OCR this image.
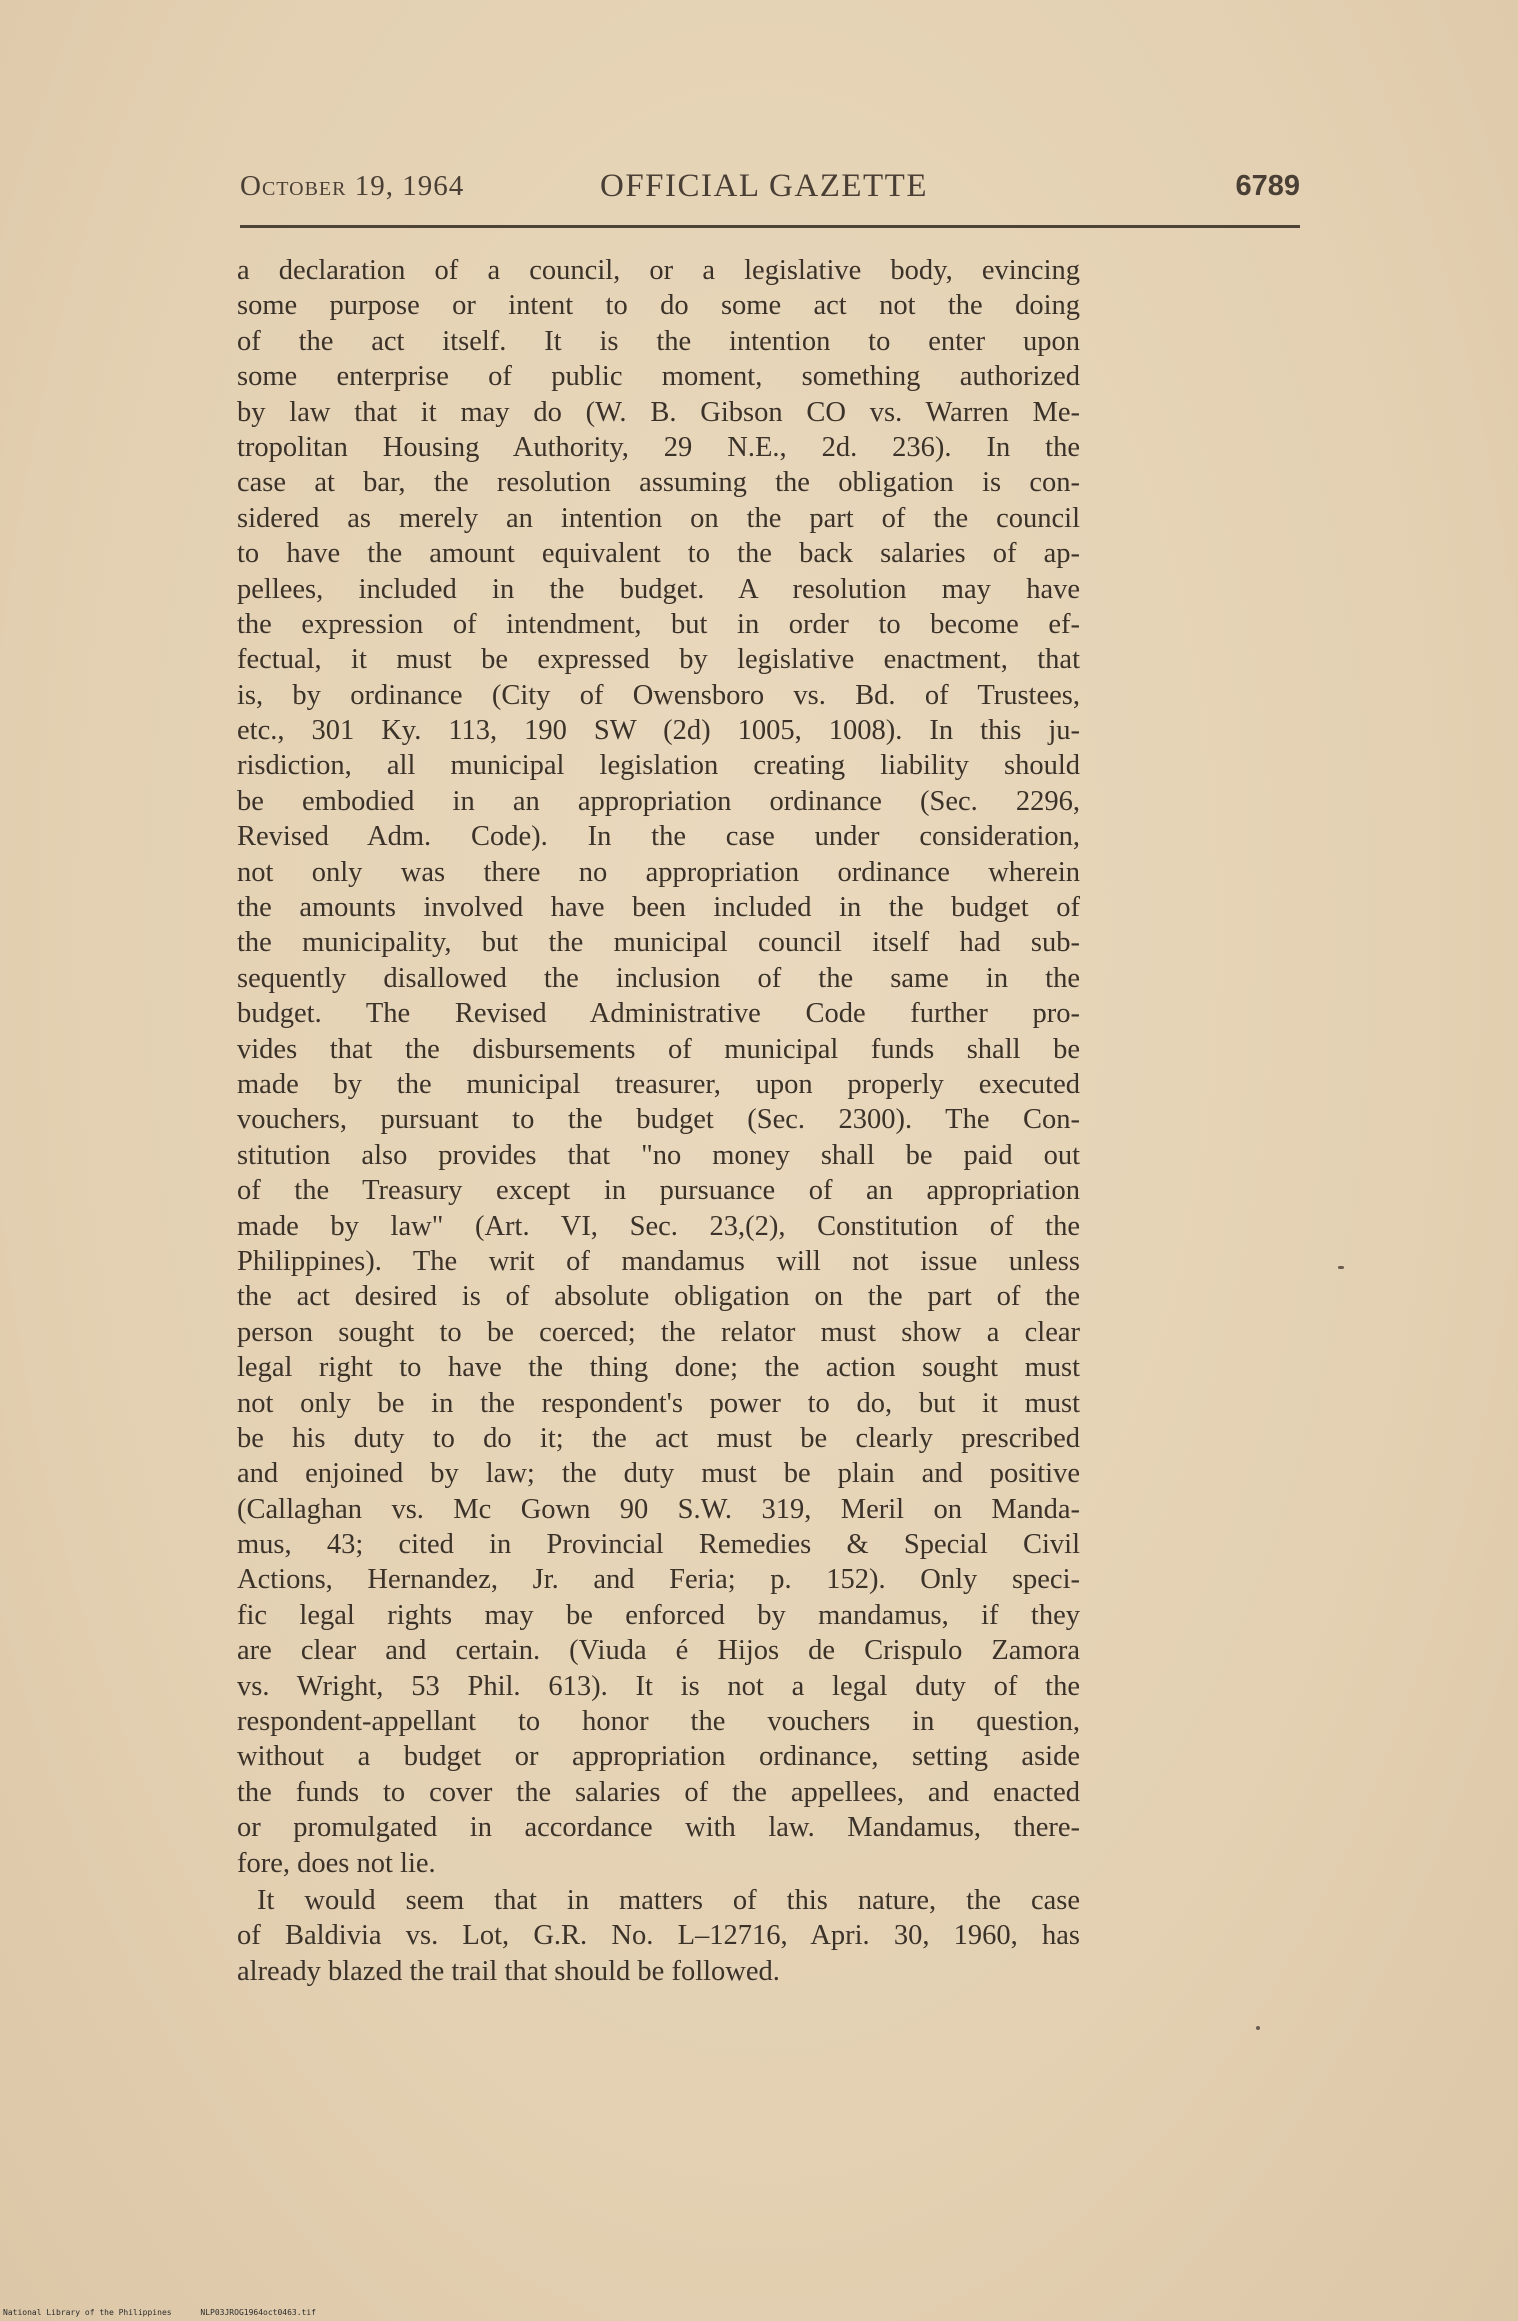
October 19, 1964	OFFICIAL GAZETTE	6789
a declaration of a council, or a legislative body, evincing
some purpose or intent to do some act not the doing
of the act itself. It is the intention to enter upon
some enterprise of public moment, something authorized
by law that it may do (W. B. Gibson CO vs. Warren Me-
tropolitan Housing Authority, 29 N.E., 2d. 236). In the
case at bar, the resolution assuming the obligation is con-
sidered as merely an intention on the part of the council
to have the amount equivalent to the back salaries of ap-
pellees, included in the budget. A resolution may have
the expression of intendment, but in order to become ef-
fectual, it must be expressed by legislative enactment, that
is, by ordinance (City of Owensboro vs. Bd. of Trustees,
etc., 301 Ky. 113, 190 SW (2d) 1005, 1008). In this ju-
risdiction, all municipal legislation creating liability should
be embodied in an appropriation ordinance (Sec. 2296,
Revised Adm. Code). In the case under consideration,
not only was there no appropriation ordinance wherein
the amounts involved have been included in the budget of
the municipality, but the municipal council itself had sub-
sequently disallowed the inclusion of the same in the
budget. The Revised Administrative Code further pro-
vides that the disbursements of municipal funds shall be
made by the municipal treasurer, upon properly executed
vouchers, pursuant to the budget (Sec. 2300). The Con-
stitution also provides that "no money shall be paid out
of the Treasury except in pursuance of an appropriation
made by law" (Art. VI, Sec. 23,(2), Constitution of the
Philippines). The writ of mandamus will not issue unless
the act desired is of absolute obligation on the part of the
person sought to be coerced; the relator must show a clear
legal right to have the thing done; the action sought must
not only be in the respondent's power to do, but it must
be his duty to do it; the act must be clearly prescribed
and enjoined by law; the duty must be plain and positive
(Callaghan vs. Mc Gown 90 S.W. 319, Meril on Manda-
mus, 43; cited in Provincial Remedies & Special Civil
Actions, Hernandez, Jr. and Feria; p. 152). Only speci-
fic legal rights may be enforced by mandamus, if they
are clear and certain. (Viuda é Hijos de Crispulo Zamora
vs. Wright, 53 Phil. 613). It is not a legal duty of the
respondent-appellant to honor the vouchers in question,
without a budget or appropriation ordinance, setting aside
the funds to cover the salaries of the appellees, and enacted
or promulgated in accordance with law. Mandamus, there-
fore, does not lie.
It would seem that in matters of this nature, the case
of Baldivia vs. Lot, G.R. No. L–12716, Apri. 30, 1960, has
already blazed the trail that should be followed.
National Library of the Philippines	NLP03JROG1964oct0463.tif
